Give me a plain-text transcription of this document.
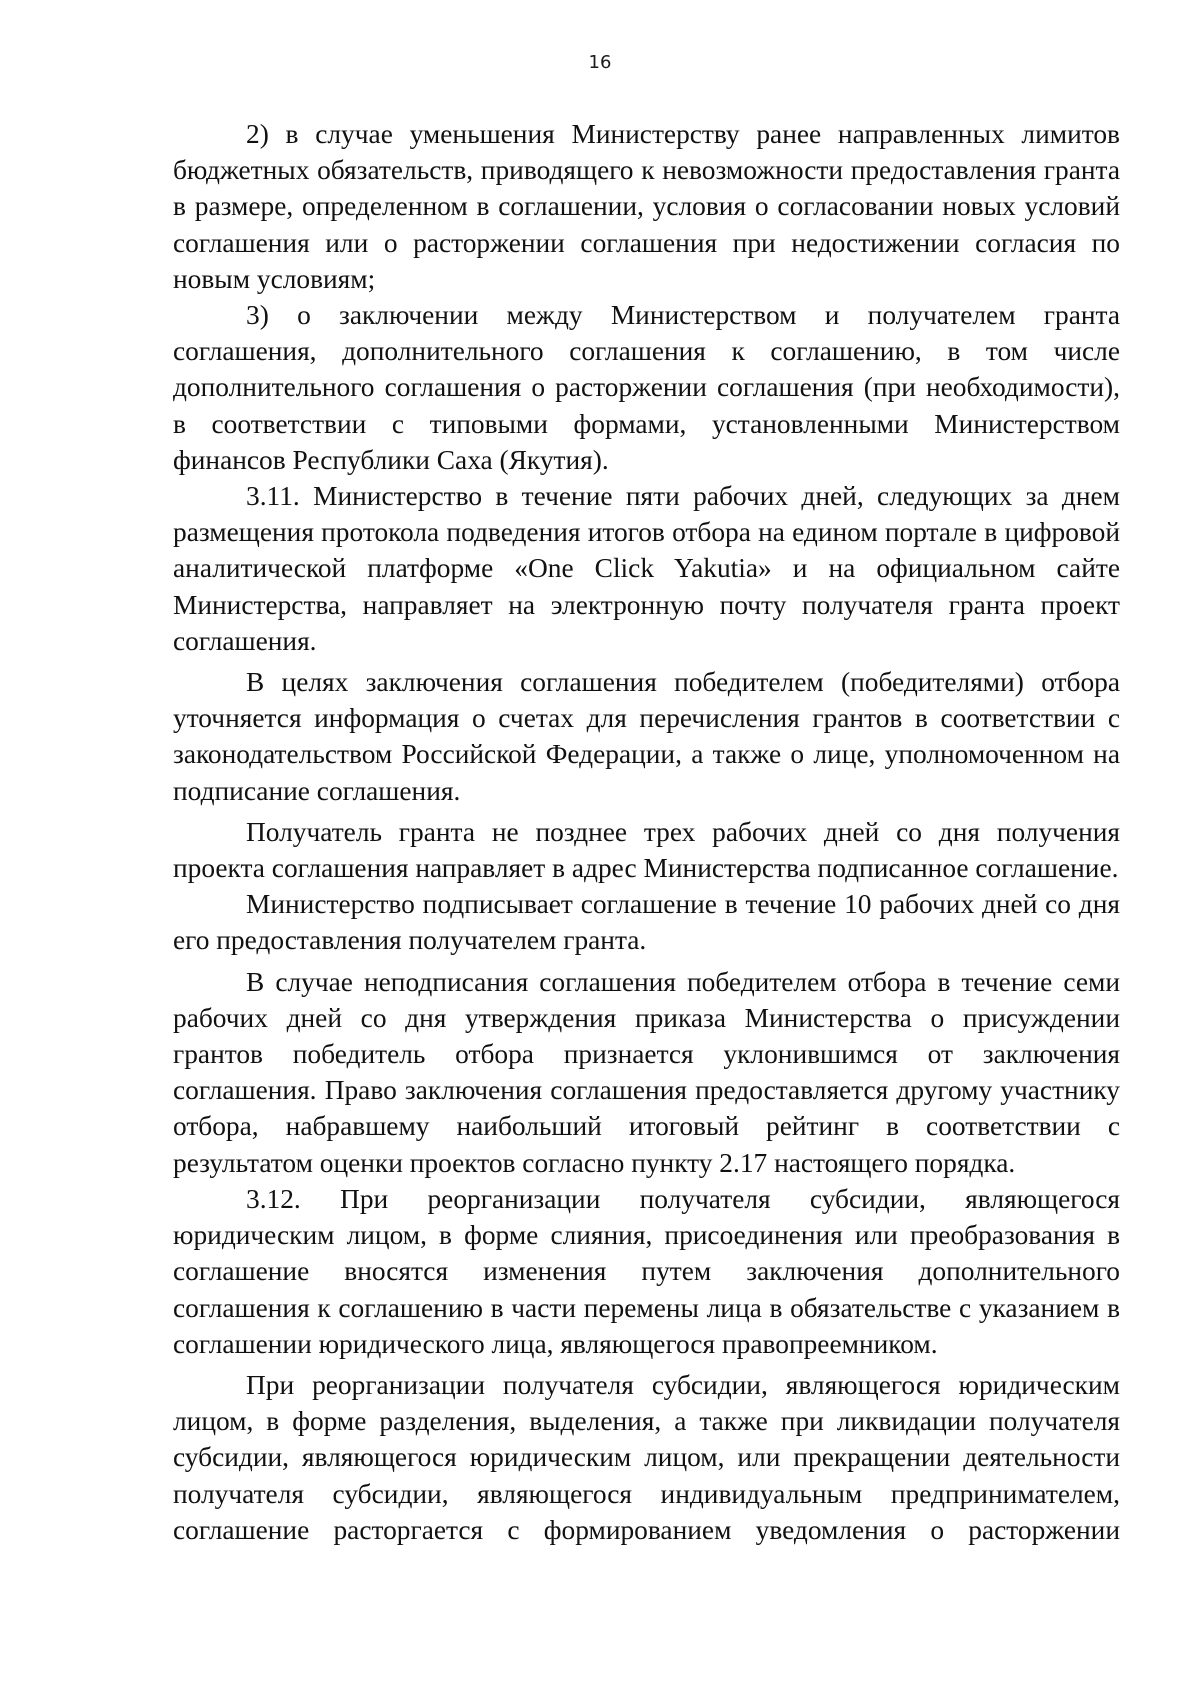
16

2) в случае уменьшения Министерству ранее направленных лимитов бюджетных обязательств, приводящего к невозможности предоставления гранта в размере, определенном в соглашении, условия о согласовании новых условий соглашения или о расторжении соглашения при недостижении согласия по новым условиям;

3) о заключении между Министерством и получателем гранта соглашения, дополнительного соглашения к соглашению, в том числе дополнительного соглашения о расторжении соглашения (при необходимости), в соответствии с типовыми формами, установленными Министерством финансов Республики Саха (Якутия).

3.11. Министерство в течение пяти рабочих дней, следующих за днем размещения протокола подведения итогов отбора на едином портале в цифровой аналитической платформе «One Click Yakutia» и на официальном сайте Министерства, направляет на электронную почту получателя гранта проект соглашения.

В целях заключения соглашения победителем (победителями) отбора уточняется информация о счетах для перечисления грантов в соответствии с законодательством Российской Федерации, а также о лице, уполномоченном на подписание соглашения.

Получатель гранта не позднее трех рабочих дней со дня получения проекта соглашения направляет в адрес Министерства подписанное соглашение.

Министерство подписывает соглашение в течение 10 рабочих дней со дня его предоставления получателем гранта.

В случае неподписания соглашения победителем отбора в течение семи рабочих дней со дня утверждения приказа Министерства о присуждении грантов победитель отбора признается уклонившимся от заключения соглашения. Право заключения соглашения предоставляется другому участнику отбора, набравшему наибольший итоговый рейтинг в соответствии с результатом оценки проектов согласно пункту 2.17 настоящего порядка.

3.12. При реорганизации получателя субсидии, являющегося юридическим лицом, в форме слияния, присоединения или преобразования в соглашение вносятся изменения путем заключения дополнительного соглашения к соглашению в части перемены лица в обязательстве с указанием в соглашении юридического лица, являющегося правопреемником.

При реорганизации получателя субсидии, являющегося юридическим лицом, в форме разделения, выделения, а также при ликвидации получателя субсидии, являющегося юридическим лицом, или прекращении деятельности получателя субсидии, являющегося индивидуальным предпринимателем, соглашение расторгается с формированием уведомления о расторжении
